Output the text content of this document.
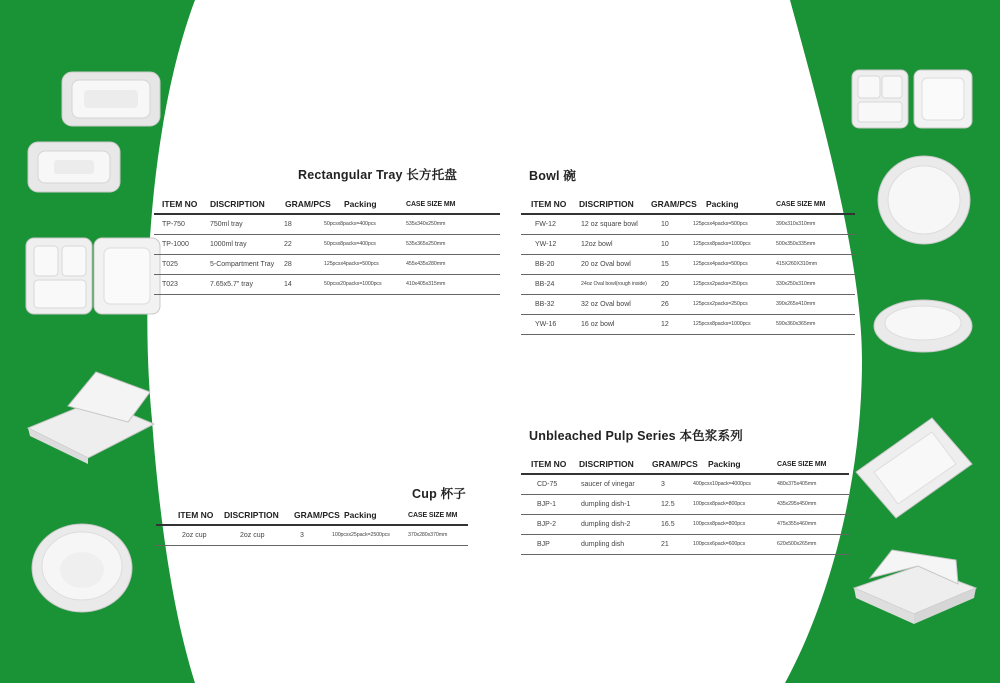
Rectangular Tray 长方托盘
ITEM NO DISCRIPTION GRAM/PCS Packing	CASE SIZE MM
TP-750	750ml tray	18	50pcsx8packs=400pcs	535x340x250mm
TP-1000	1000ml tray	22	50pcsx8packs=400pcs	535x365x250mm
T025	5-Compartment Tray 28	125pcsx4packs=500pcs	455x435x280mm
T023	7.65x5.7" tray	14	50pcsx20packs=1000pcs	410x405x315mm
Cup 杯子
ITEM NO DISCRIPTION GRAM/PCS Packing	CASE SIZE MM
2oz cup	2oz cup	3	100pcsx25pack=2500pcs	370x280x370mm
Bowl 碗
ITEM NO DISCRIPTION GRAM/PCS Packing	CASE SIZE MM
FW-12	12 oz square bowl	10	125pcsx4packs=500pcs	390x310x310mm
YW-12	12oz bowl	10	125pcsx8packs=1000pcs	500x350x335mm
BB-20	20 oz Oval bowl	15	125pcsx4packs=500pcs	415X260X310mm
BB-24	24oz Oval bowl(rough inside) 20	125pcsx2packs=250pcs	330x250x310mm
BB-32	32 oz Oval bowl	26	125pcsx2packs=250pcs	390x265x410mm
YW-16	16 oz bowl	12	125pcsx8packs=1000pcs	590x360x365mm
Unbleached Pulp Series 本色浆系列
ITEM NO DISCRIPTION GRAM/PCS Packing	CASE SIZE MM
CD-75	saucer of vinegar	3	400pcsx10pack=4000pcs	480x375x405mm
BJP-1	dumpling dish-1	12.5	100pcsx8pack=800pcs	435x295x450mm
BJP-2	dumpling dish-2	16.5	100pcsx8pack=800pcs	475x355x460mm
BJP	dumpling dish	21	100pcsx6pack=600pcs	620x500x265mm
